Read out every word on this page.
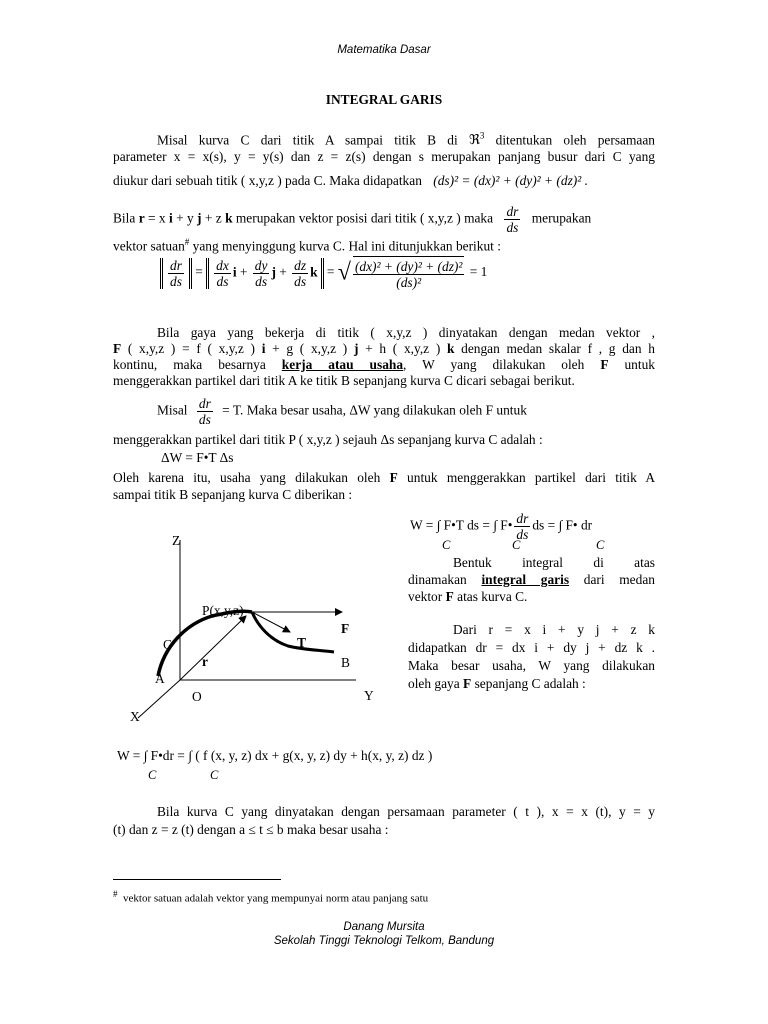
Matematika Dasar
INTEGRAL GARIS
Misal kurva C dari titik A sampai titik B di ℜ$^3$ ditentukan oleh persamaan
parameter x = x(s), y = y(s) dan z = z(s) dengan s merupakan panjang busur dari C yang
diukur dari sebuah titik ( x,y,z ) pada C. Maka didapatkan (ds)² = (dx)² + (dy)² + (dz)² .
Bila r = x i + y j + z k merupakan vektor posisi dari titik ( x,y,z ) maka $\frac{dr}{ds}$ merupakan
vektor satuan# yang menyinggung kurva C. Hal ini ditunjukkan berikut :
$\frac{dr}{ds} = \frac{dx}{ds}$ $i + \frac{dy}{ds}$ $j + \frac{dz}{ds}$ k = √ $\frac{\text{(dx)² + (dy)² + (dz)²}}{\text{(ds)²}} = 1$
Bila gaya yang bekerja di titik ( x,y,z ) dinyatakan dengan medan vektor ,
F ( x,y,z ) = f ( x,y,z ) i + g ( x,y,z ) j + h ( x,y,z ) k dengan medan skalar f , g dan h
kontinu, maka besarnya kerja atau usaha, W yang dilakukan oleh F untuk
menggerakkan partikel dari titik A ke titik B sepanjang kurva C dicari sebagai berikut.
Misal $\frac{dr}{ds} = T$. Maka besar usaha, ΔW yang dilakukan oleh F untuk
menggerakkan partikel dari titik P ( x,y,z ) sejauh Δs sepanjang kurva C adalah :
ΔW = F•T Δs
Oleh karena itu, usaha yang dilakukan oleh F untuk menggerakkan partikel dari titik A
sampai titik B sepanjang kurva C diberikan :
W = ∫ F•T ds = ∫ F• $\frac{dr}{ds}$ ds = ∫ F• dr
C	C	C
Bentuk integral di atas
dinamakan integral garis dari medan
vektor F atas kurva C.
Dari r = x i + y j + z k
didapatkan dr = dx i + dy j + dz k .
Maka besar usaha, W yang dilakukan
oleh gaya F sepanjang C adalah :
Z
Y
X
O
P(x,y,z)
F
T
C
r
A
B
W = ∫ F•dr = ∫ ( f (x, y, z) dx + g(x, y, z) dy + h(x, y, z) dz )
C	C
Bila kurva C yang dinyatakan dengan persamaan parameter ( t ), x = x (t), y = y
(t) dan z = z (t) dengan a ≤ t ≤ b maka besar usaha :
# vektor satuan adalah vektor yang mempunyai norm atau panjang satu
Danang Mursita
Sekolah Tinggi Teknologi Telkom, Bandung
